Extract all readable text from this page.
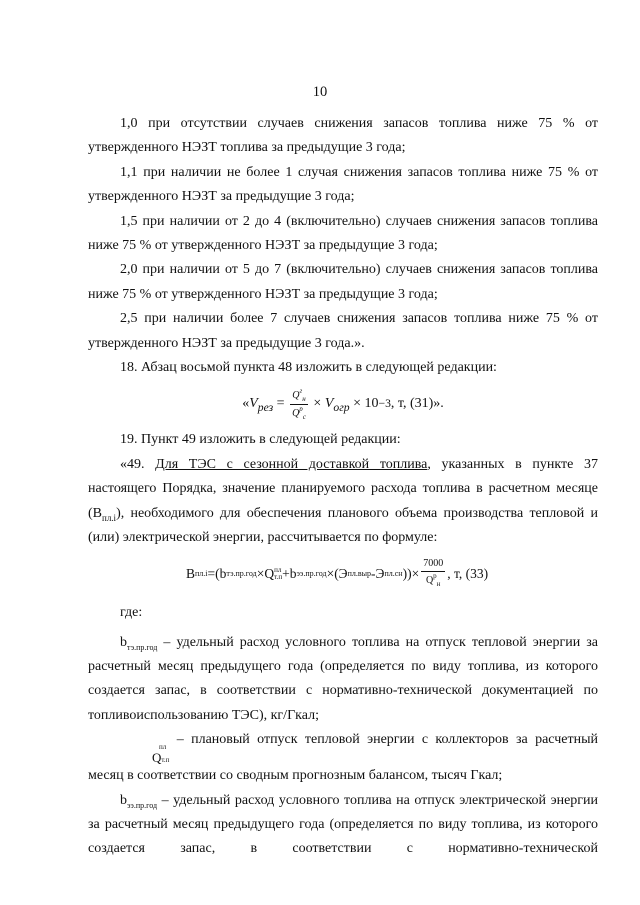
10

1,0 при отсутствии случаев снижения запасов топлива ниже 75 % от утвержденного НЭЗТ топлива за предыдущие 3 года;

1,1 при наличии не более 1 случая снижения запасов топлива ниже 75 % от утвержденного НЭЗТ за предыдущие 3 года;

1,5 при наличии от 2 до 4 (включительно) случаев снижения запасов топлива ниже 75 % от утвержденного НЭЗТ за предыдущие 3 года;

2,0 при наличии от 5 до 7 (включительно) случаев снижения запасов топлива ниже 75 % от утвержденного НЭЗТ за предыдущие 3 года;

2,5 при наличии более 7 случаев снижения запасов топлива ниже 75 % от утвержденного НЭЗТ за предыдущие 3 года.».

18. Абзац восьмой пункта 48 изложить в следующей редакции:

« $V_{рез}$
=
$\frac{Q^г_н}{Q^р_с}$
×
$V_{огр}$
× 10 −3 , т, (31)».

19. Пункт 49 изложить в следующей редакции:

«49. Для ТЭС с сезонной доставкой топлива, указанных в пункте 37 настоящего Порядка, значение планируемого расхода топлива в расчетном месяце $(В_{пл.i})$, необходимого для обеспечения планового объема производства тепловой и (или) электрической энергии, рассчитывается по формуле:

В пл.i =(b тэ.пр.год ×Q пл
т.п +b ээ.пр.год ×(Э пл.выр -Э пл.сн ))× $\frac{7000}{Q^р_н}$ , т, (33)

где:

$b_{тэ.пр.год}$ – удельный расход условного топлива на отпуск тепловой энергии за расчетный месяц предыдущего года (определяется по виду топлива, из которого создается запас, в соответствии с нормативно-технической документацией по топливоиспользованию ТЭС), кг/Гкал;

пл
Qт.п
– плановый отпуск тепловой энергии с коллекторов за расчетный месяц в соответствии со сводным прогнозным балансом, тысяч Гкал;

$b_{ээ.пр.год}$ – удельный расход условного топлива на отпуск электрической энергии за расчетный месяц предыдущего года (определяется по виду топлива, из которого создается запас, в соответствии с нормативно-технической
